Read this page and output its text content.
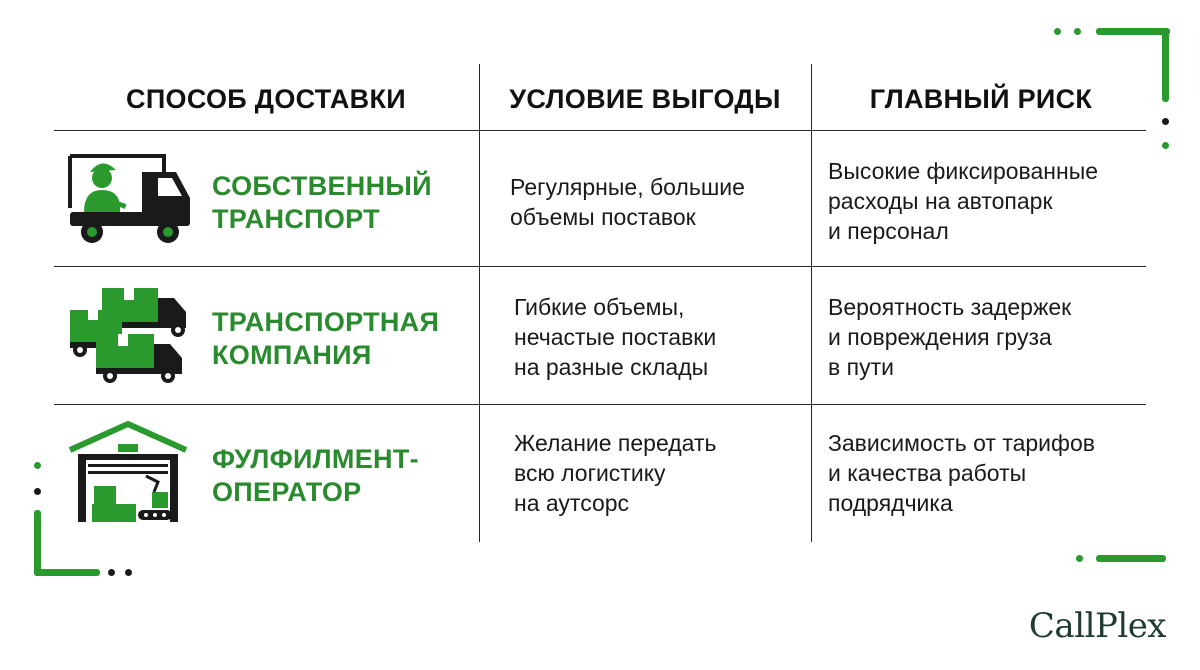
СПОСОБ ДОСТАВКИ	УСЛОВИЕ ВЫГОДЫ	ГЛАВНЫЙ РИСК
СОБСТВЕННЫЙ
ТРАНСПОРТ
Регулярные, большие
объемы поставок
Высокие фиксированные
расходы на автопарк
и персонал
ТРАНСПОРТНАЯ
КОМПАНИЯ
Гибкие объемы,
нечастые поставки
на разные склады
Вероятность задержек
и повреждения груза
в пути
ФУЛФИЛМЕНТ-
ОПЕРАТОР
Желание передать
всю логистику
на аутсорс
Зависимость от тарифов
и качества работы
подрядчика
CallPlex
